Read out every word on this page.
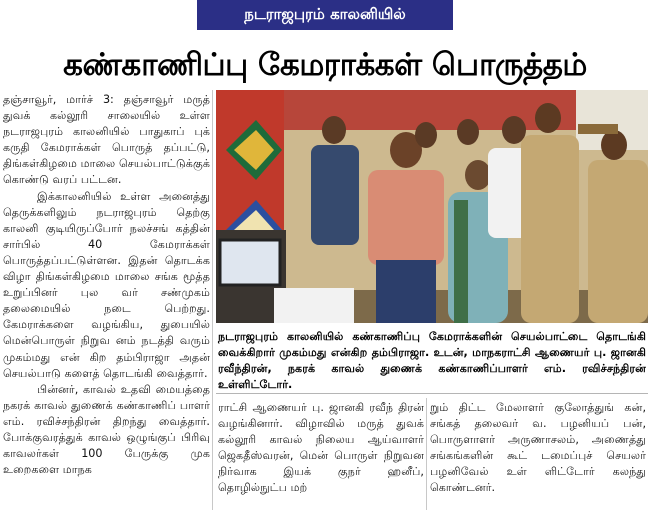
நடராஜபுரம் காலனியில்
கண்காணிப்பு கேமராக்கள் பொருத்தம்

தஞ்சாவூர், மார்ச் 3: தஞ்சாவூர் மருத் துவக் கல்லூரி சாலையில் உள்ள நடராஜபுரம் காலனியில் பாதுகாப் புக் கருதி கேமராக்கள் பொருத் தப்பட்டு, திங்கள்கிழமை மாலை செயல்பாட்டுக்குக் கொண்டு வரப் பட்டன.

இக்காலனியில் உள்ள அனைத்து தெருக்களிலும் நடராஜபுரம் தெற்கு காலனி குடியிருப்போர் நலச்சங் கத்தின் சார்பில் 40 கேமராக்கள் பொருத்தப்பட்டுள்ளன. இதன் தொடக்க விழா திங்கள்கிழமை மாலை சங்க மூத்த உறுப்பினர் புல வர் சண்முகம் தலைமையில் நடை பெற்றது. கேமராக்களை வழங்கிய, துபையில் மென்பொருள் நிறுவ னம் நடத்தி வரும் முகம்மது என் கிற தம்பிராஜா அதன் செயல்பாடு களைத் தொடங்கி வைத்தார்.

பின்னர், காவல் உதவி மையத்தை நகரக் காவல் துணைக் கண்காணிப் பாளர் எம். ரவிச்சந்திரன் திறந்து வைத்தார். போக்குவரத்துக் காவல் ஒழுங்குப் பிரிவு காவலர்கள் 100 பேருக்கு முக உறைகளை மாநக

நடராஜபுரம் காலனியில் கண்காணிப்பு கேமராக்களின் செயல்பாட்டை தொடங்கி வைக்கிறார் முகம்மது என்கிற தம்பிராஜா. உடன், மாநகராட்சி ஆணையர் பு. ஜானகி ரவீந்திரன், நகரக் காவல் துணைக் கண்காணிப்பாளர் எம். ரவிச்சந்திரன் உள்ளிட்டோர்.

ராட்சி ஆணையர் பு. ஜானகி ரவீந் திரன் வழங்கினார். விழாவில் மருத் துவக் கல்லூரி காவல் நிலைய ஆய்வாளர் ஜெகதீஸ்வரன், மென் பொருள் நிறுவன நிர்வாக இயக் குநர் ஹனீப், தொழில்நுட்ப மற்

றும் திட்ட மேலாளர் குலோத்துங் கன், சங்கத் தலைவர் வ. பழனியப் பன், பொருளாளர் அருணாசலம், அணைத்து சங்கங்களின் கூட் டமைப்புச் செயலர் பழனிவேல் உள் ளிட்டோர் கலந்து கொண்டனர்.
